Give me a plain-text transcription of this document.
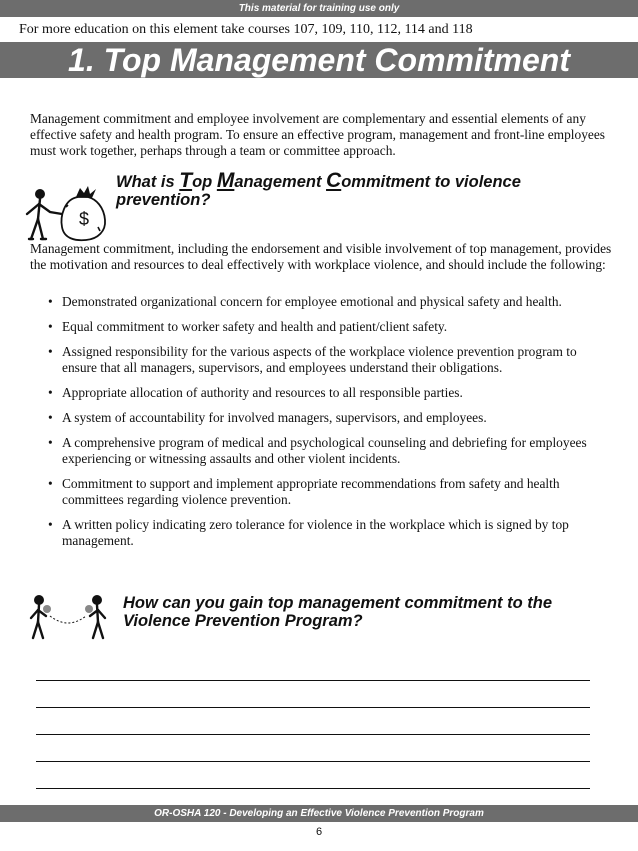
This material for training use only
For more education on this element take courses 107, 109, 110, 112, 114 and 118
1. Top Management Commitment
Management commitment and employee involvement are complementary and essential elements of any effective safety and health program. To ensure an effective program, management and front-line employees must work together, perhaps through a team or committee approach.
$
What is Top Management Commitment to violence prevention?
Management commitment, including the endorsement and visible involvement of top management, provides the motivation and resources to deal effectively with workplace violence, and should include the following:
• Demonstrated organizational concern for employee emotional and physical safety and health.
• Equal commitment to worker safety and health and patient/client safety.
• Assigned responsibility for the various aspects of the workplace violence prevention program to ensure that all managers, supervisors, and employees understand their obligations.
• Appropriate allocation of authority and resources to all responsible parties.
• A system of accountability for involved managers, supervisors, and employees.
• A comprehensive program of medical and psychological counseling and debriefing for employees experiencing or witnessing assaults and other violent incidents.
• Commitment to support and implement appropriate recommendations from safety and health committees regarding violence prevention.
• A written policy indicating zero tolerance for violence in the workplace which is signed by top management.
How can you gain top management commitment to the Violence Prevention Program?
OR-OSHA 120 - Developing an Effective Violence Prevention Program
6
